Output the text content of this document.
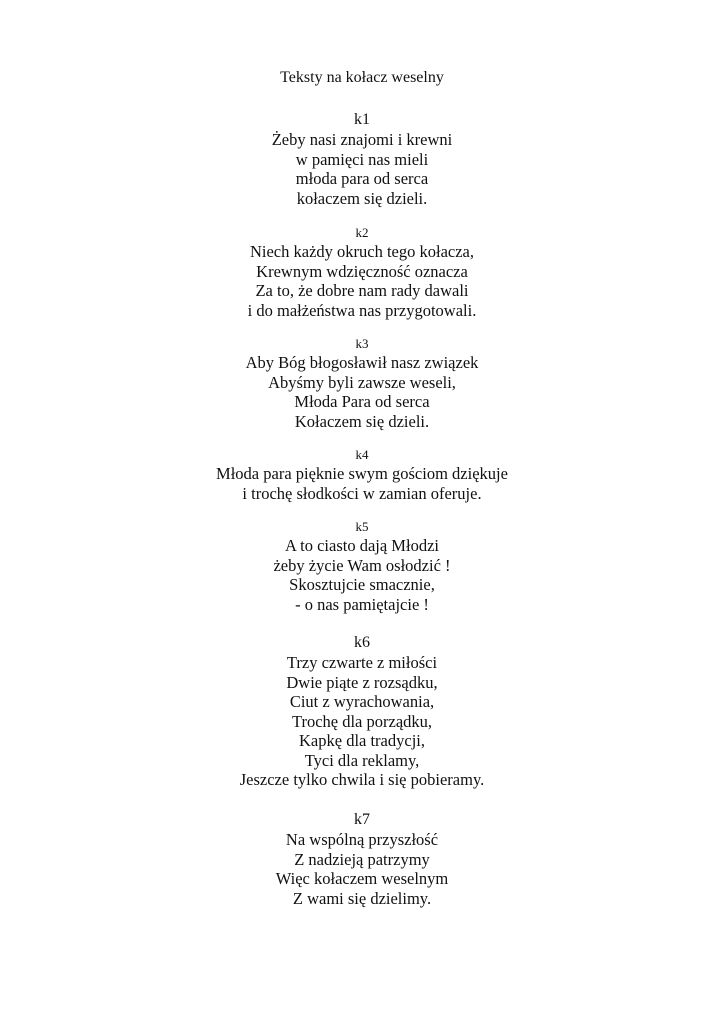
Teksty na kołacz weselny
k1
Żeby nasi znajomi i krewni
w pamięci nas mieli
młoda para od serca
kołaczem się dzieli.
k2
Niech każdy okruch tego kołacza,
Krewnym wdzięczność oznacza
Za to, że dobre nam rady dawali
i do małżeństwa nas przygotowali.
k3
Aby Bóg błogosławił nasz związek
Abyśmy byli zawsze weseli,
Młoda Para od serca
Kołaczem się dzieli.
k4
Młoda para pięknie swym gościom dziękuje
i trochę słodkości w zamian oferuje.
k5
A to ciasto dają Młodzi
żeby życie Wam osłodzić !
Skosztujcie smacznie,
- o nas pamiętajcie !
k6
Trzy czwarte z miłości
Dwie piąte z rozsądku,
Ciut z wyrachowania,
Trochę dla porządku,
Kapkę dla tradycji,
Tyci dla reklamy,
Jeszcze tylko chwila i się pobieramy.
k7
Na wspólną przyszłość
Z nadzieją patrzymy
Więc kołaczem weselnym
Z wami się dzielimy.
